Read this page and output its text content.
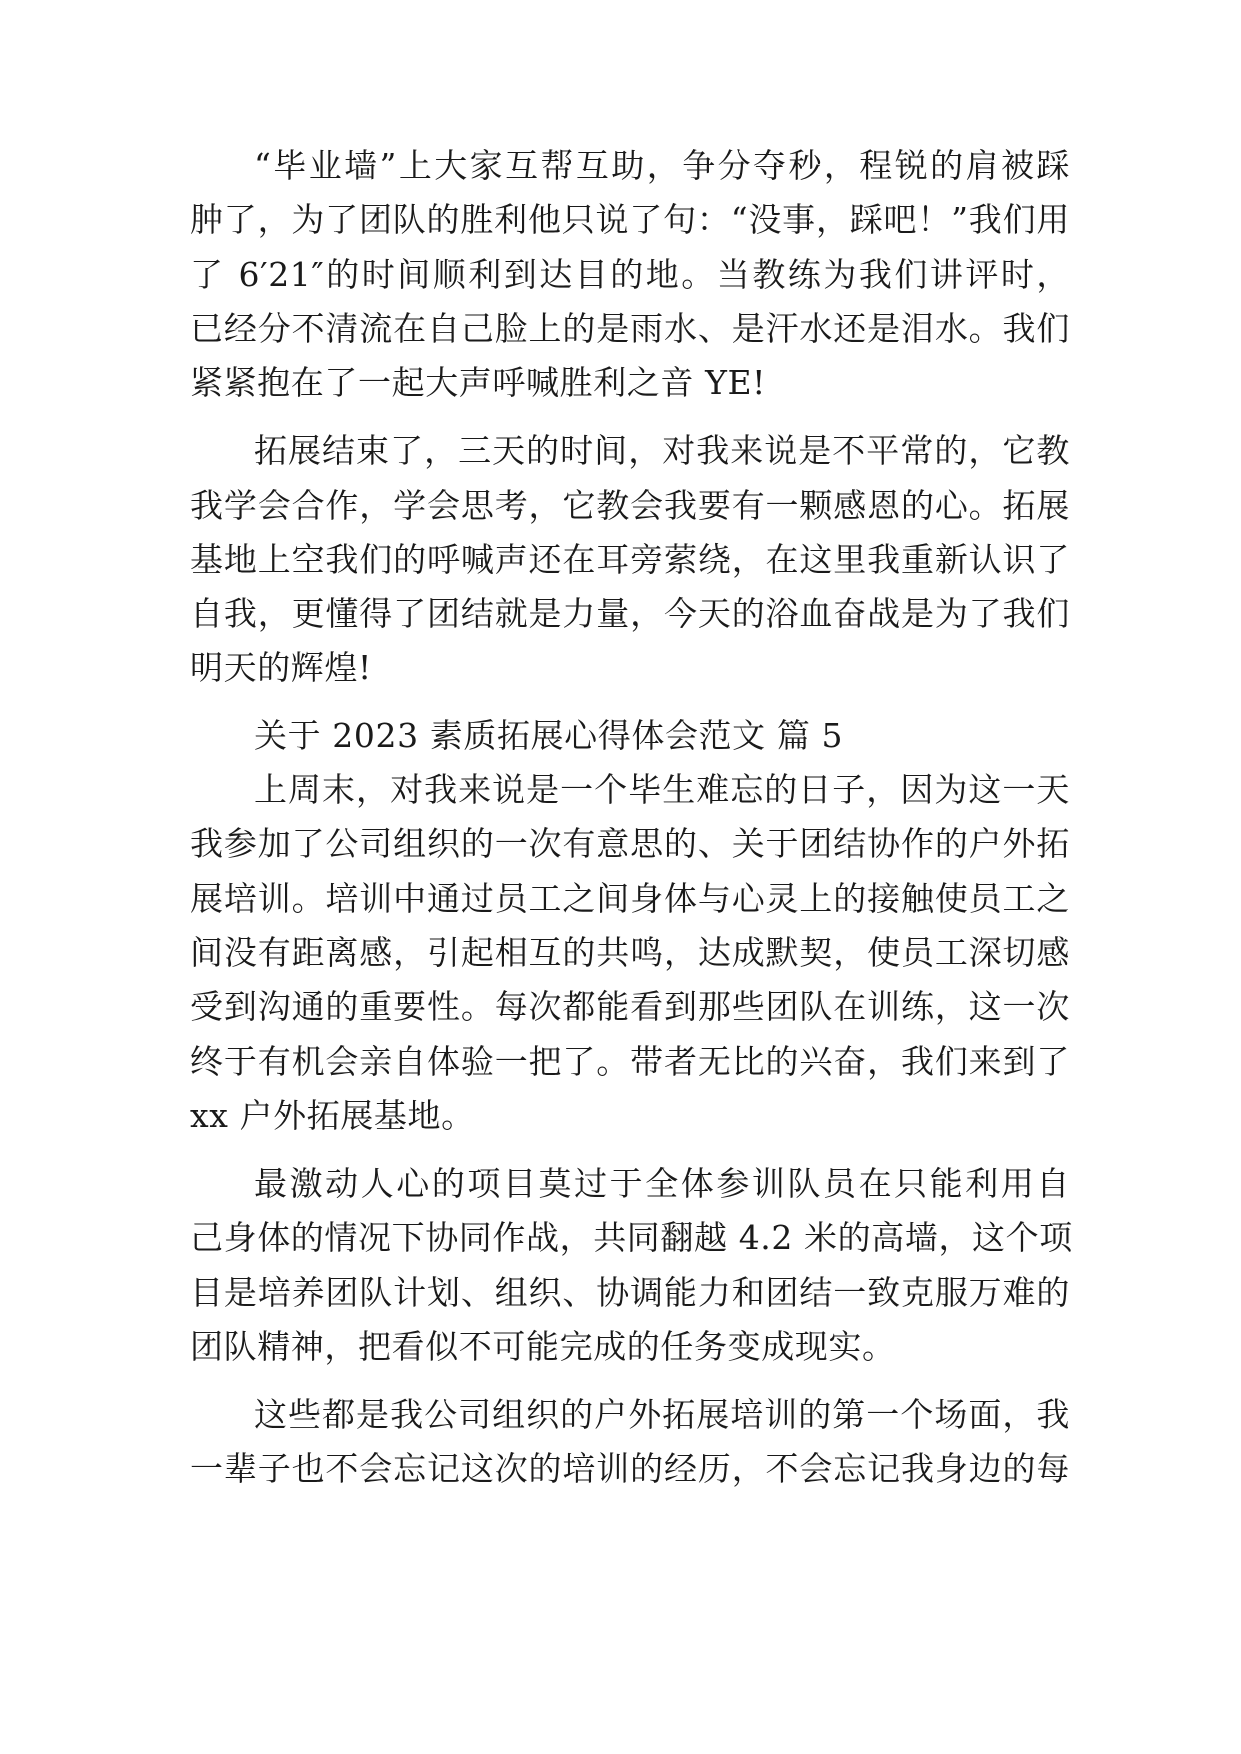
“毕业墙”上大家互帮互助，争分夺秒，程锐的肩被踩
肿了，为了团队的胜利他只说了句：“没事，踩吧！”我们用
了 6′21″的时间顺利到达目的地。当教练为我们讲评时，
已经分不清流在自己脸上的是雨水、是汗水还是泪水。我们
紧紧抱在了一起大声呼喊胜利之音 YE!
拓展结束了，三天的时间，对我来说是不平常的，它教
我学会合作，学会思考，它教会我要有一颗感恩的心。拓展
基地上空我们的呼喊声还在耳旁萦绕，在这里我重新认识了
自我，更懂得了团结就是力量，今天的浴血奋战是为了我们
明天的辉煌!
关于 2023 素质拓展心得体会范文 篇 5
上周末，对我来说是一个毕生难忘的日子，因为这一天
我参加了公司组织的一次有意思的、关于团结协作的户外拓
展培训。培训中通过员工之间身体与心灵上的接触使员工之
间没有距离感，引起相互的共鸣，达成默契，使员工深切感
受到沟通的重要性。每次都能看到那些团队在训练，这一次
终于有机会亲自体验一把了。带者无比的兴奋，我们来到了
xx 户外拓展基地。
最激动人心的项目莫过于全体参训队员在只能利用自
己身体的情况下协同作战，共同翻越 4.2 米的高墙，这个项
目是培养团队计划、组织、协调能力和团结一致克服万难的
团队精神，把看似不可能完成的任务变成现实。
这些都是我公司组织的户外拓展培训的第一个场面，我
一辈子也不会忘记这次的培训的经历，不会忘记我身边的每
